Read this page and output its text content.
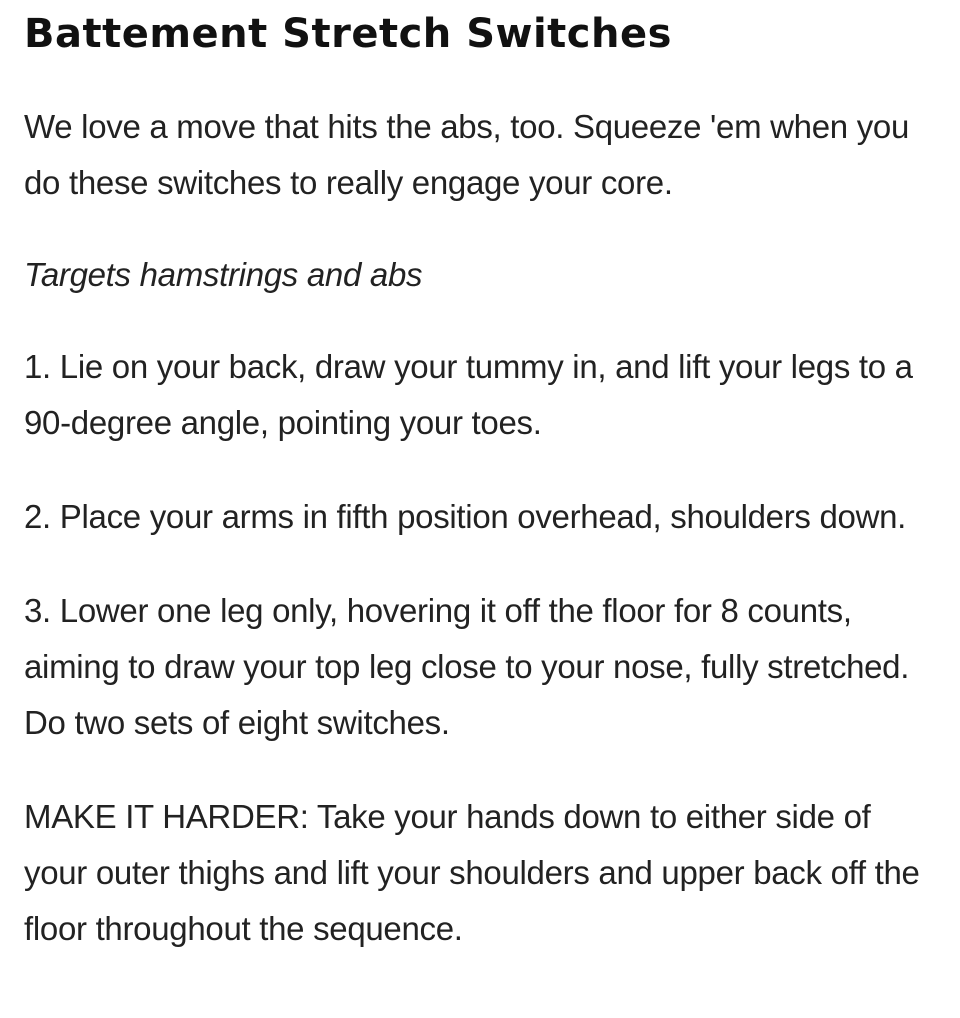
Battement Stretch Switches

We love a move that hits the abs, too. Squeeze 'em when you do these switches to really engage your core.

Targets hamstrings and abs

1. Lie on your back, draw your tummy in, and lift your legs to a 90-degree angle, pointing your toes.

2. Place your arms in fifth position overhead, shoulders down.

3. Lower one leg only, hovering it off the floor for 8 counts, aiming to draw your top leg close to your nose, fully stretched. Do two sets of eight switches.

MAKE IT HARDER: Take your hands down to either side of your outer thighs and lift your shoulders and upper back off the floor throughout the sequence.
